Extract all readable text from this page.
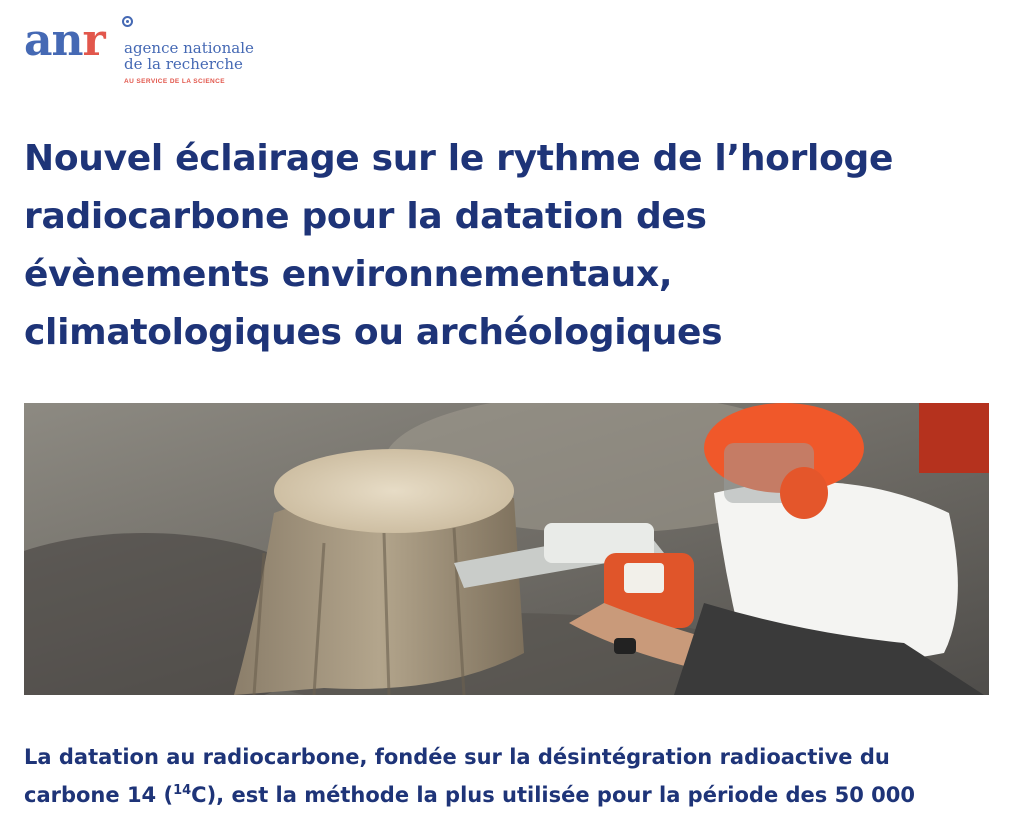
anr agence nationale
de la recherche
AU SERVICE DE LA SCIENCE
Nouvel éclairage sur le rythme de l’horloge
radiocarbone pour la datation des
évènements environnementaux,
climatologiques ou archéologiques

La datation au radiocarbone, fondée sur la désintégration radioactive du
carbone 14 ($^{14}$C), est la méthode la plus utilisée pour la période des 50 000
